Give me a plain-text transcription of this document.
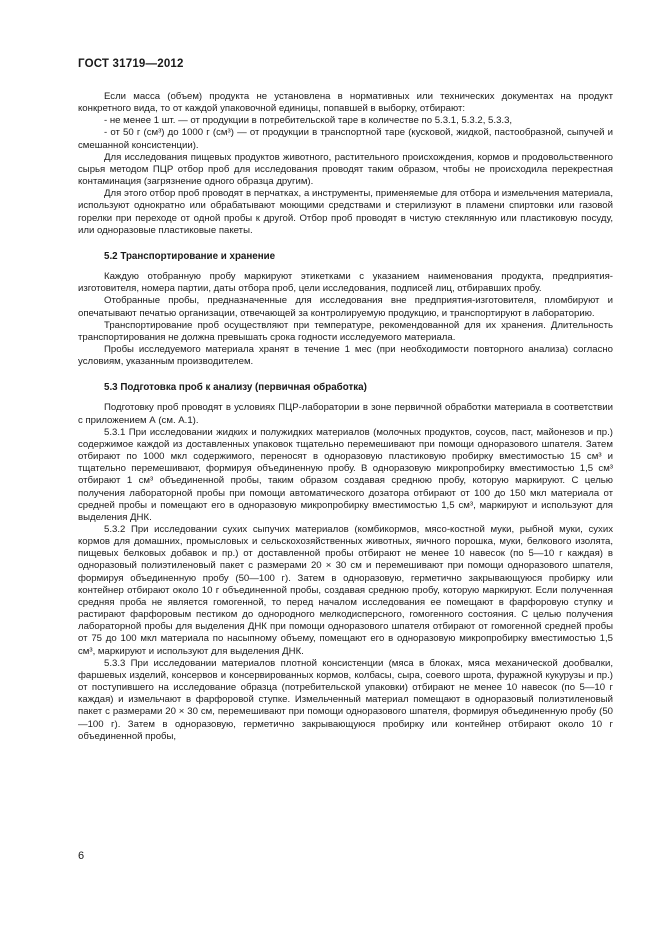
ГОСТ 31719—2012

Если масса (объем) продукта не установлена в нормативных или технических документах на продукт конкретного вида, то от каждой упаковочной единицы, попавшей в выборку, отбирают:

- не менее 1 шт. — от продукции в потребительской таре в количестве по 5.3.1, 5.3.2, 5.3.3,

- от 50 г (см³) до 1000 г (см³) — от продукции в транспортной таре (кусковой, жидкой, пастообразной, сыпучей и смешанной консистенции).

Для исследования пищевых продуктов животного, растительного происхождения, кормов и продовольственного сырья методом ПЦР отбор проб для исследования проводят таким образом, чтобы не происходила перекрестная контаминация (загрязнение одного образца другим).

Для этого отбор проб проводят в перчатках, а инструменты, применяемые для отбора и измельчения материала, используют однократно или обрабатывают моющими средствами и стерилизуют в пламени спиртовки или газовой горелки при переходе от одной пробы к другой. Отбор проб проводят в чистую стеклянную или пластиковую посуду, или одноразовые пластиковые пакеты.

5.2 Транспортирование и хранение

Каждую отобранную пробу маркируют этикетками с указанием наименования продукта, предприятия-изготовителя, номера партии, даты отбора проб, цели исследования, подписей лиц, отбиравших пробу.

Отобранные пробы, предназначенные для исследования вне предприятия-изготовителя, пломбируют и опечатывают печатью организации, отвечающей за контролируемую продукцию, и транспортируют в лабораторию.

Транспортирование проб осуществляют при температуре, рекомендованной для их хранения. Длительность транспортирования не должна превышать срока годности исследуемого материала.

Пробы исследуемого материала хранят в течение 1 мес (при необходимости повторного анализа) согласно условиям, указанным производителем.

5.3 Подготовка проб к анализу (первичная обработка)

Подготовку проб проводят в условиях ПЦР-лаборатории в зоне первичной обработки материала в соответствии с приложением А (см. А.1).

5.3.1 При исследовании жидких и полужидких материалов (молочных продуктов, соусов, паст, майонезов и пр.) содержимое каждой из доставленных упаковок тщательно перемешивают при помощи одноразового шпателя. Затем отбирают по 1000 мкл содержимого, переносят в одноразовую пластиковую пробирку вместимостью 15 см³ и тщательно перемешивают, формируя объединенную пробу. В одноразовую микропробирку вместимостью 1,5 см³ отбирают 1 см³ объединенной пробы, таким образом создавая среднюю пробу, которую маркируют. С целью получения лабораторной пробы при помощи автоматического дозатора отбирают от 100 до 150 мкл материала от средней пробы и помещают его в одноразовую микропробирку вместимостью 1,5 см³, маркируют и используют для выделения ДНК.

5.3.2 При исследовании сухих сыпучих материалов (комбикормов, мясо-костной муки, рыбной муки, сухих кормов для домашних, промысловых и сельскохозяйственных животных, яичного порошка, муки, белкового изолята, пищевых белковых добавок и пр.) от доставленной пробы отбирают не менее 10 навесок (по 5—10 г каждая) в одноразовый полиэтиленовый пакет с размерами 20 × 30 см и перемешивают при помощи одноразового шпателя, формируя объединенную пробу (50—100 г). Затем в одноразовую, герметично закрывающуюся пробирку или контейнер отбирают около 10 г объединенной пробы, создавая среднюю пробу, которую маркируют. Если полученная средняя проба не является гомогенной, то перед началом исследования ее помещают в фарфоровую ступку и растирают фарфоровым пестиком до однородного мелкодисперсного, гомогенного состояния. С целью получения лабораторной пробы для выделения ДНК при помощи одноразового шпателя отбирают от гомогенной средней пробы от 75 до 100 мкл материала по насыпному объему, помещают его в одноразовую микропробирку вместимостью 1,5 см³, маркируют и используют для выделения ДНК.

5.3.3 При исследовании материалов плотной консистенции (мяса в блоках, мяса механической дообвалки, фаршевых изделий, консервов и консервированных кормов, колбасы, сыра, соевого шрота, фуражной кукурузы и пр.) от поступившего на исследование образца (потребительской упаковки) отбирают не менее 10 навесок (по 5—10 г каждая) и измельчают в фарфоровой ступке. Измельченный материал помещают в одноразовый полиэтиленовый пакет с размерами 20 × 30 см, перемешивают при помощи одноразового шпателя, формируя объединенную пробу (50—100 г). Затем в одноразовую, герметично закрывающуюся пробирку или контейнер отбирают около 10 г объединенной пробы,

6
